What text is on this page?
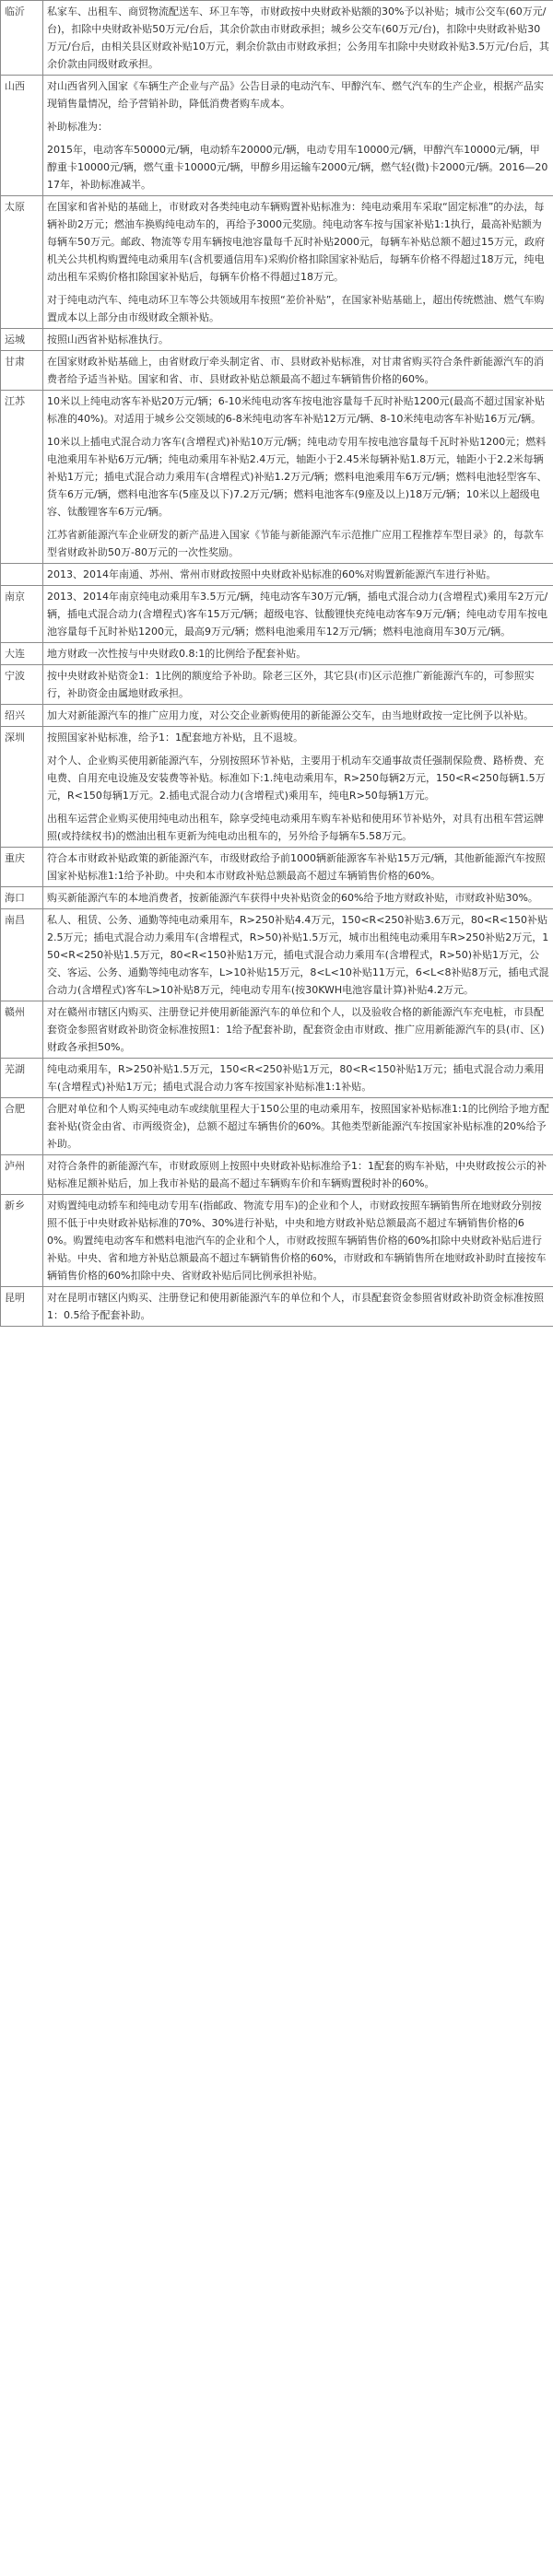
临沂	私家车、出租车、商贸物流配送车、环卫车等，市财政按中央财政补贴额的30%予以补贴；城市公交车(60万元/台)，扣除中央财政补贴50万元/台后，其余价款由市财政承担；城乡公交车(60万元/台)，扣除中央财政补贴30万元/台后，由相关县区财政补贴10万元，剩余价款由市财政承担；公务用车扣除中央财政补贴3.5万元/台后，其余价款由同级财政承担。

山西	对山西省列入国家《车辆生产企业与产品》公告目录的电动汽车、甲醇汽车、燃气汽车的生产企业，根据产品实现销售量情况，给予营销补助，降低消费者购车成本。

补助标准为：

2015年，电动客车50000元/辆，电动轿车20000元/辆，电动专用车10000元/辆，甲醇汽车10000元/辆，甲醇重卡10000元/辆，燃气重卡10000元/辆，甲醇乡用运输车2000元/辆，燃气轻(微)卡2000元/辆。2016—2017年，补助标准减半。

太原	在国家和省补贴的基础上，市财政对各类纯电动车辆购置补贴标准为：纯电动乘用车采取“固定标准”的办法，每辆补助2万元；燃油车换购纯电动车的，再给予3000元奖励。纯电动客车按与国家补贴1:1执行，最高补贴额为每辆车50万元。邮政、物流等专用车辆按电池容量每千瓦时补贴2000元，每辆车补贴总额不超过15万元，政府机关公共机构购置纯电动乘用车(含机要通信用车)采购价格扣除国家补贴后，每辆车价格不得超过18万元，纯电动出租车采购价格扣除国家补贴后，每辆车价格不得超过18万元。

对于纯电动汽车、纯电动环卫车等公共领域用车按照“差价补贴”，在国家补贴基础上，超出传统燃油、燃气车购置成本以上部分由市级财政全额补贴。

运城	按照山西省补贴标准执行。

甘肃	在国家财政补贴基础上，由省财政厅牵头制定省、市、县财政补贴标准，对甘肃省购买符合条件新能源汽车的消费者给予适当补贴。国家和省、市、县财政补贴总额最高不超过车辆销售价格的60%。

江苏	10米以上纯电动客车补贴20万元/辆；6-10米纯电动客车按电池容量每千瓦时补贴1200元(最高不超过国家补贴标准的40%)。对适用于城乡公交领域的6-8米纯电动客车补贴12万元/辆、8-10米纯电动客车补贴16万元/辆。

10米以上插电式混合动力客车(含增程式)补贴10万元/辆；纯电动专用车按电池容量每千瓦时补贴1200元；燃料电池乘用车补贴6万元/辆；纯电动乘用车补贴2.4万元，轴距小于2.45米每辆补贴1.8万元，轴距小于2.2米每辆补贴1万元；插电式混合动力乘用车(含增程式)补贴1.2万元/辆；燃料电池乘用车6万元/辆；燃料电池轻型客车、货车6万元/辆，燃料电池客车(5座及以下)7.2万元/辆；燃料电池客车(9座及以上)18万元/辆；10米以上超级电容、钛酸锂客车6万元/辆。

江苏省新能源汽车企业研发的新产品进入国家《节能与新能源汽车示范推广应用工程推荐车型目录》的，每款车型省财政补助50万-80万元的一次性奖励。

	2013、2014年南通、苏州、常州市财政按照中央财政补贴标准的60%对购置新能源汽车进行补贴。

南京	2013、2014年南京纯电动乘用车3.5万元/辆，纯电动客车30万元/辆，插电式混合动力(含增程式)乘用车2万元/辆，插电式混合动力(含增程式)客车15万元/辆；超级电容、钛酸锂快充纯电动客车9万元/辆；纯电动专用车按电池容量每千瓦时补贴1200元，最高9万元/辆；燃料电池乘用车12万元/辆；燃料电池商用车30万元/辆。

大连	地方财政一次性按与中央财政0.8:1的比例给予配套补贴。

宁波	按中央财政补贴资金1：1比例的额度给予补助。除老三区外，其它县(市)区示范推广新能源汽车的，可参照实行，补助资金由属地财政承担。

绍兴	加大对新能源汽车的推广应用力度，对公交企业新购使用的新能源公交车，由当地财政按一定比例予以补贴。

深圳	按照国家补贴标准，给予1：1配套地方补贴，且不退坡。

对个人、企业购买使用新能源汽车，分别按照环节补贴，主要用于机动车交通事故责任强制保险费、路桥费、充电费、自用充电设施及安装费等补贴。标准如下:1.纯电动乘用车，R>250每辆2万元，150<R<250每辆1.5万元，R<150每辆1万元。2.插电式混合动力(含增程式)乘用车，纯电R>50每辆1万元。

出租车运营企业购买使用纯电动出租车，除享受纯电动乘用车购车补贴和使用环节补贴外，对具有出租车营运牌照(或持续权书)的燃油出租车更新为纯电动出租车的，另外给予每辆车5.58万元。

重庆	符合本市财政补贴政策的新能源汽车，市级财政给予前1000辆新能源客车补贴15万元/辆，其他新能源汽车按照国家补贴标准1:1给予补助。中央和本市财政补贴总额最高不超过车辆销售价格的60%。

海口	购买新能源汽车的本地消费者，按新能源汽车获得中央补贴资金的60%给予地方财政补贴，市财政补贴30%。

南昌	私人、租赁、公务、通勤等纯电动乘用车，R>250补贴4.4万元，150<R<250补贴3.6万元，80<R<150补贴2.5万元；插电式混合动力乘用车(含增程式，R>50)补贴1.5万元，城市出租纯电动乘用车R>250补贴2万元，150<R<250补贴1.5万元，80<R<150补贴1万元，插电式混合动力乘用车(含增程式，R>50)补贴1万元，公交、客运、公务、通勤等纯电动客车，L>10补贴15万元，8<L<10补贴11万元，6<L<8补贴8万元，插电式混合动力(含增程式)客车L>10补贴8万元，纯电动专用车(按30KWH电池容量计算)补贴4.2万元。

赣州	对在赣州市辖区内购买、注册登记并使用新能源汽车的单位和个人，以及验收合格的新能源汽车充电桩，市县配套资金参照省财政补助资金标准按照1：1给予配套补助，配套资金由市财政、推广应用新能源汽车的县(市、区)财政各承担50%。

芜湖	纯电动乘用车，R>250补贴1.5万元，150<R<250补贴1万元，80<R<150补贴1万元；插电式混合动力乘用车(含增程式)补贴1万元；插电式混合动力客车按国家补贴标准1:1补贴。

合肥	合肥对单位和个人购买纯电动车或续航里程大于150公里的电动乘用车，按照国家补贴标准1:1的比例给予地方配套补贴(资金由省、市两级资金)，总额不超过车辆售价的60%。其他类型新能源汽车按国家补贴标准的20%给予补助。

泸州	对符合条件的新能源汽车，市财政原则上按照中央财政补贴标准给予1：1配套的购车补贴，中央财政按公示的补贴标准足额补贴后，加上我市补贴的最高不超过车辆购车价和车辆购置税时补的60%。

新乡	对购置纯电动轿车和纯电动专用车(指邮政、物流专用车)的企业和个人，市财政按照车辆销售所在地财政分别按照不低于中央财政补贴标准的70%、30%进行补贴，中央和地方财政补贴总额最高不超过车辆销售价格的60%。购置纯电动客车和燃料电池汽车的企业和个人，市财政按照车辆销售价格的60%扣除中央财政补贴后进行补贴。中央、省和地方补贴总额最高不超过车辆销售价格的60%，市财政和车辆销售所在地财政补助时直接按车辆销售价格的60%扣除中央、省财政补贴后同比例承担补贴。

昆明	对在昆明市辖区内购买、注册登记和使用新能源汽车的单位和个人，市县配套资金参照省财政补助资金标准按照1：0.5给予配套补助。
